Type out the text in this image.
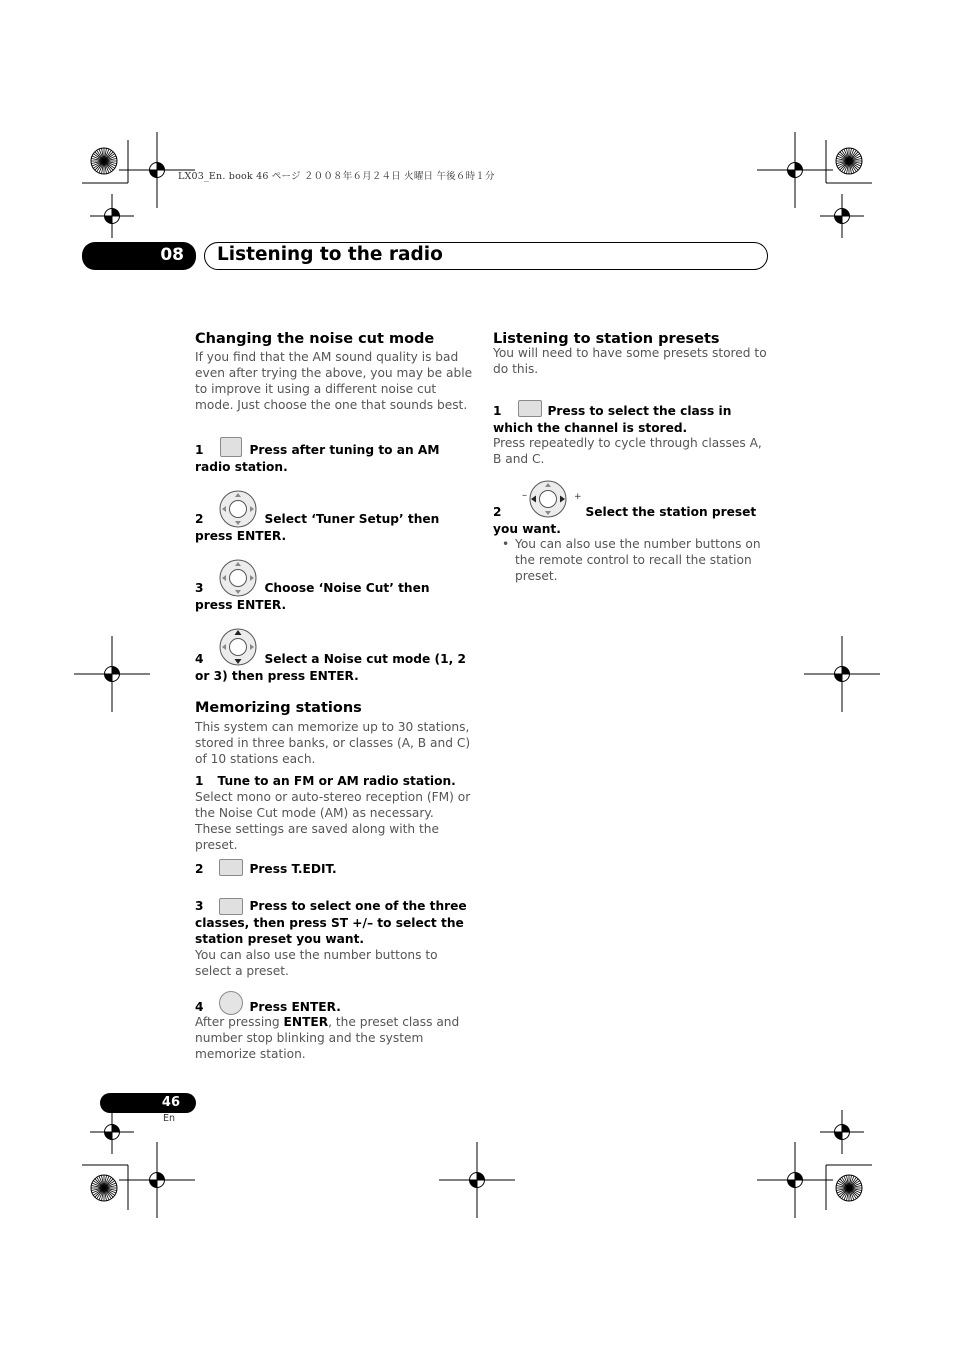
LX03_En. book 46 ページ ２００８年６月２４日 火曜日 午後６時１分
08 Listening to the radio
Changing the noise cut mode
If you find that the AM sound quality is bad even after trying the above, you may be able to improve it using a different noise cut mode. Just choose the one that sounds best.
1	Press after tuning to an AM radio station.
2	Select ‘Tuner Setup’ then press ENTER.
3	Choose ‘Noise Cut’ then press ENTER.
4	Select a Noise cut mode (1, 2 or 3) then press ENTER.
Memorizing stations
This system can memorize up to 30 stations, stored in three banks, or classes (A, B and C) of 10 stations each.
1 Tune to an FM or AM radio station.
Select mono or auto-stereo reception (FM) or the Noise Cut mode (AM) as necessary. These settings are saved along with the preset.
2	Press T.EDIT.
3	Press to select one of the three classes, then press ST +/– to select the station preset you want.
You can also use the number buttons to select a preset.
4	Press ENTER.
After pressing ENTER, the preset class and number stop blinking and the system memorize station.
Listening to station presets
You will need to have some presets stored to do this.
1	Press to select the class in which the channel is stored.
Press repeatedly to cycle through classes A, B and C.
–	+
2	Select the station preset you want.
• You can also use the number buttons on the remote control to recall the station preset.
46
En
